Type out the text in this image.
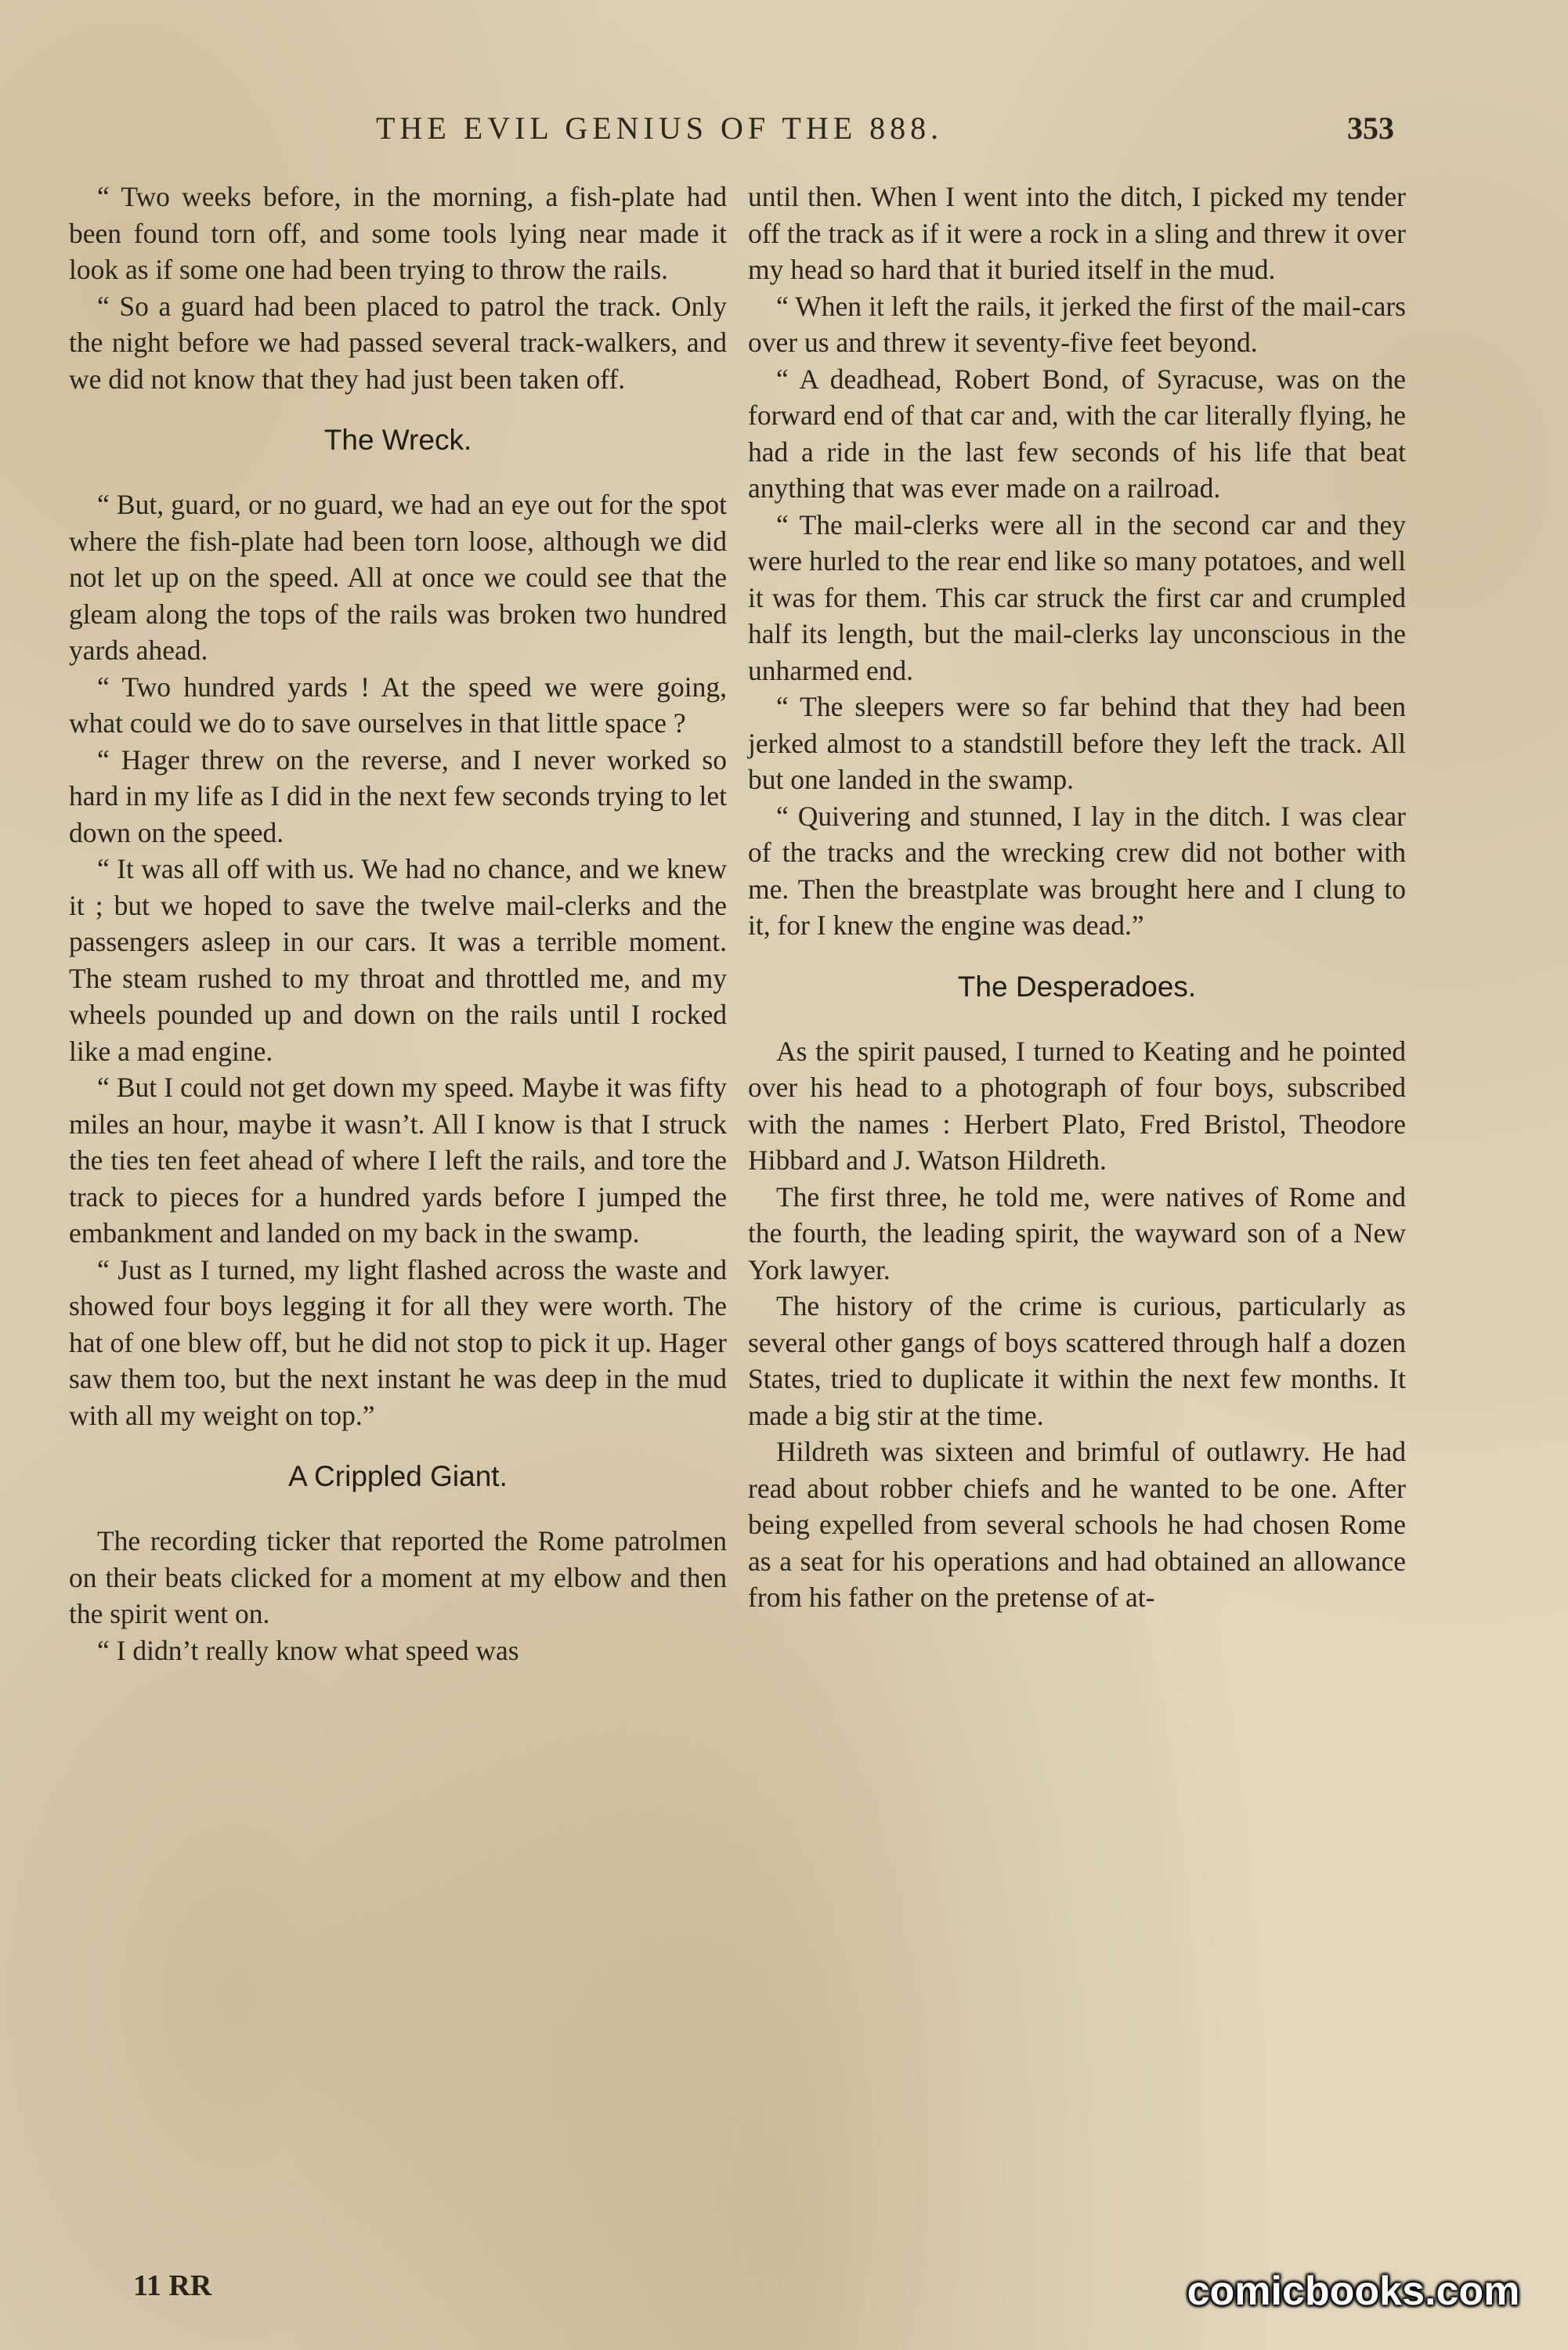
THE EVIL GENIUS OF THE 888.	353

“ Two weeks before, in the morning, a fish-plate had been found torn off, and some tools lying near made it look as if some one had been trying to throw the rails.

“ So a guard had been placed to patrol the track. Only the night before we had passed several track-walkers, and we did not know that they had just been taken off.

The Wreck.

“ But, guard, or no guard, we had an eye out for the spot where the fish-plate had been torn loose, although we did not let up on the speed. All at once we could see that the gleam along the tops of the rails was broken two hundred yards ahead.

“ Two hundred yards ! At the speed we were going, what could we do to save ourselves in that little space ?

“ Hager threw on the reverse, and I never worked so hard in my life as I did in the next few seconds trying to let down on the speed.

“ It was all off with us. We had no chance, and we knew it ; but we hoped to save the twelve mail-clerks and the passengers asleep in our cars. It was a terrible moment. The steam rushed to my throat and throttled me, and my wheels pounded up and down on the rails until I rocked like a mad engine.

“ But I could not get down my speed. Maybe it was fifty miles an hour, maybe it wasn’t. All I know is that I struck the ties ten feet ahead of where I left the rails, and tore the track to pieces for a hundred yards before I jumped the embankment and landed on my back in the swamp.

“ Just as I turned, my light flashed across the waste and showed four boys legging it for all they were worth. The hat of one blew off, but he did not stop to pick it up. Hager saw them too, but the next instant he was deep in the mud with all my weight on top.”

A Crippled Giant.

The recording ticker that reported the Rome patrolmen on their beats clicked for a moment at my elbow and then the spirit went on.

“ I didn’t really know what speed was

until then. When I went into the ditch, I picked my tender off the track as if it were a rock in a sling and threw it over my head so hard that it buried itself in the mud.

“ When it left the rails, it jerked the first of the mail-cars over us and threw it seventy-five feet beyond.

“ A deadhead, Robert Bond, of Syracuse, was on the forward end of that car and, with the car literally flying, he had a ride in the last few seconds of his life that beat anything that was ever made on a railroad.

“ The mail-clerks were all in the second car and they were hurled to the rear end like so many potatoes, and well it was for them. This car struck the first car and crumpled half its length, but the mail-clerks lay unconscious in the unharmed end.

“ The sleepers were so far behind that they had been jerked almost to a standstill before they left the track. All but one landed in the swamp.

“ Quivering and stunned, I lay in the ditch. I was clear of the tracks and the wrecking crew did not bother with me. Then the breastplate was brought here and I clung to it, for I knew the engine was dead.”

The Desperadoes.

As the spirit paused, I turned to Keating and he pointed over his head to a photograph of four boys, subscribed with the names : Herbert Plato, Fred Bristol, Theodore Hibbard and J. Watson Hildreth.

The first three, he told me, were natives of Rome and the fourth, the leading spirit, the wayward son of a New York lawyer.

The history of the crime is curious, particularly as several other gangs of boys scattered through half a dozen States, tried to duplicate it within the next few months. It made a big stir at the time.

Hildreth was sixteen and brimful of outlawry. He had read about robber chiefs and he wanted to be one. After being expelled from several schools he had chosen Rome as a seat for his operations and had obtained an allowance from his father on the pretense of at-

11 RR	comicbooks.com
